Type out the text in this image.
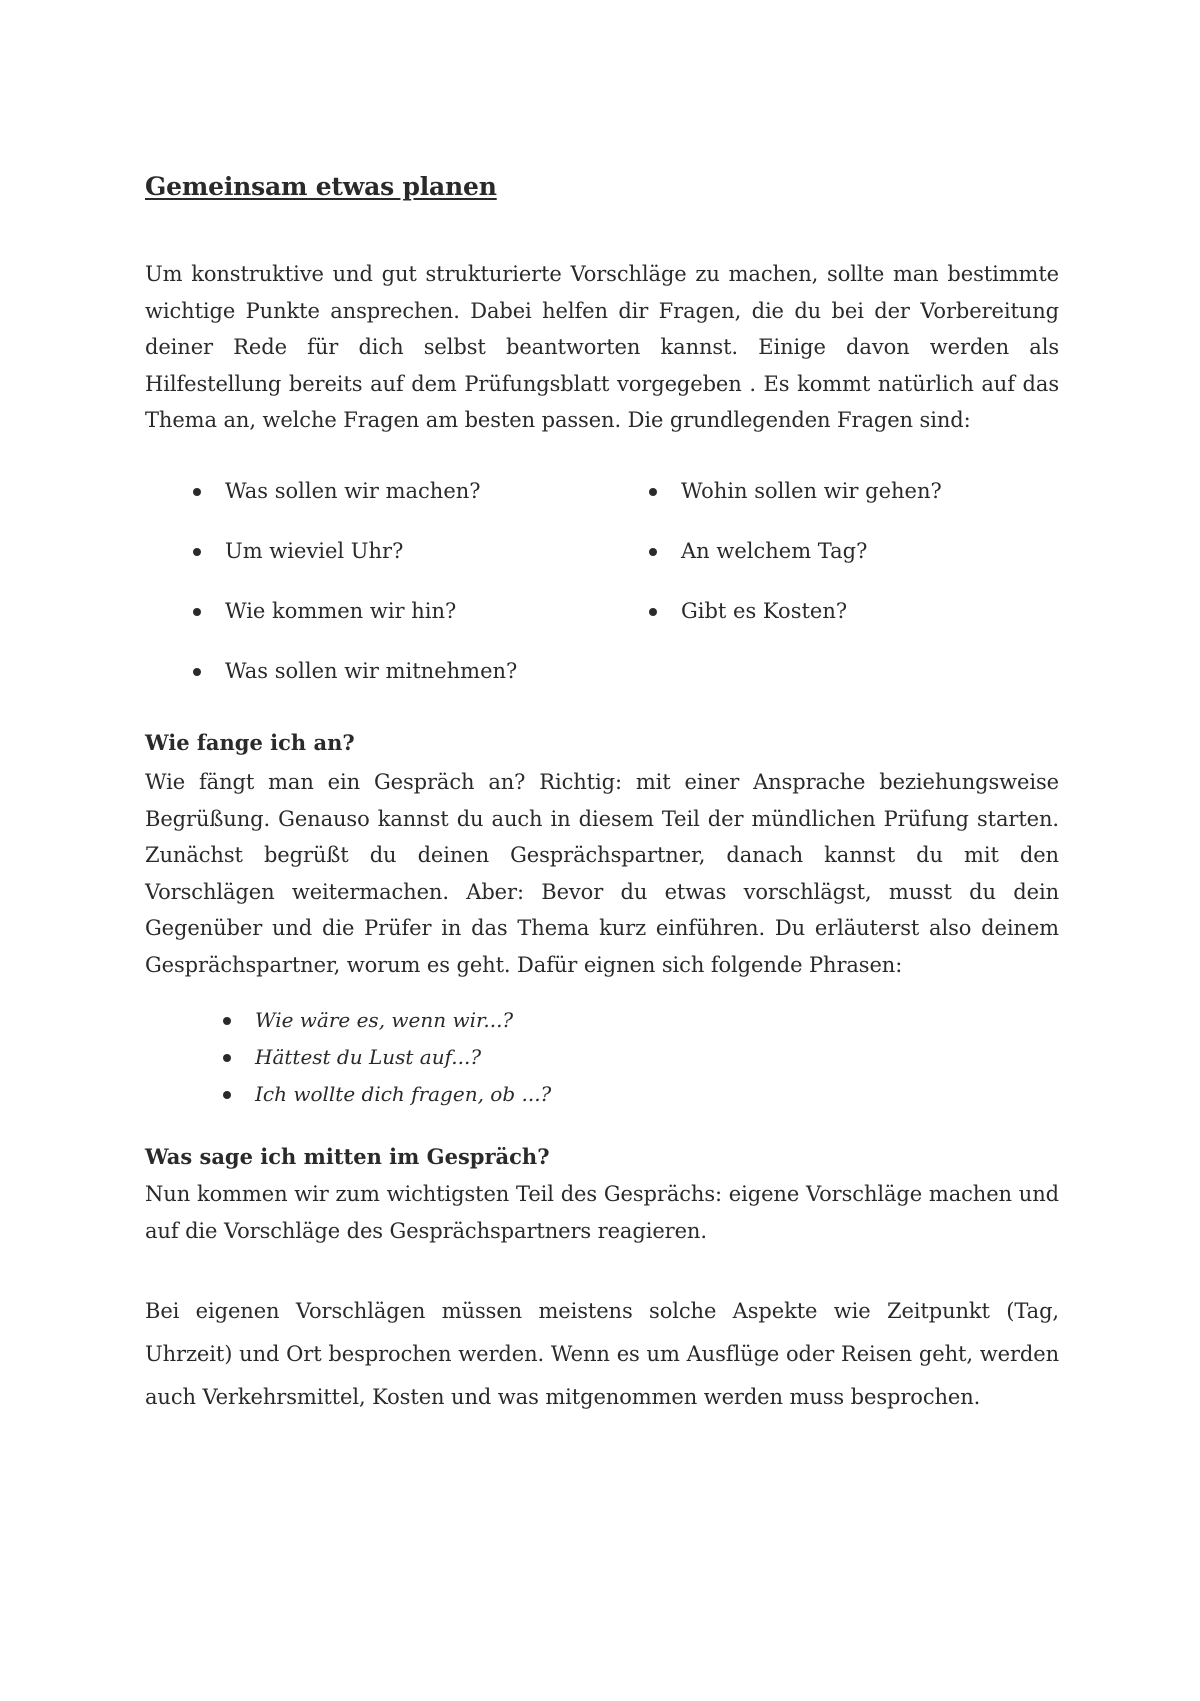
Gemeinsam etwas planen

Um konstruktive und gut strukturierte Vorschläge zu machen, sollte man bestimmte wichtige Punkte ansprechen. Dabei helfen dir Fragen, die du bei der Vorbereitung deiner Rede für dich selbst beantworten kannst. Einige davon werden als Hilfestellung bereits auf dem Prüfungsblatt vorgegeben . Es kommt natürlich auf das Thema an, welche Fragen am besten passen. Die grundlegenden Fragen sind:

Was sollen wir machen?
Um wieviel Uhr?
Wie kommen wir hin?
Was sollen wir mitnehmen?
Wohin sollen wir gehen?
An welchem Tag?
Gibt es Kosten?
Wie fange ich an?

Wie fängt man ein Gespräch an? Richtig: mit einer Ansprache beziehungsweise Begrüßung. Genauso kannst du auch in diesem Teil der mündlichen Prüfung starten. Zunächst begrüßt du deinen Gesprächspartner, danach kannst du mit den Vorschlägen weitermachen. Aber: Bevor du etwas vorschlägst, musst du dein Gegenüber und die Prüfer in das Thema kurz einführen. Du erläuterst also deinem Gesprächspartner, worum es geht. Dafür eignen sich folgende Phrasen:

Wie wäre es, wenn wir...?
Hättest du Lust auf...?
Ich wollte dich fragen, ob ...?
Was sage ich mitten im Gespräch?

Nun kommen wir zum wichtigsten Teil des Gesprächs: eigene Vorschläge machen und auf die Vorschläge des Gesprächspartners reagieren.

Bei eigenen Vorschlägen müssen meistens solche Aspekte wie Zeitpunkt (Tag, Uhrzeit) und Ort besprochen werden. Wenn es um Ausflüge oder Reisen geht, werden auch Verkehrsmittel, Kosten und was mitgenommen werden muss besprochen.
